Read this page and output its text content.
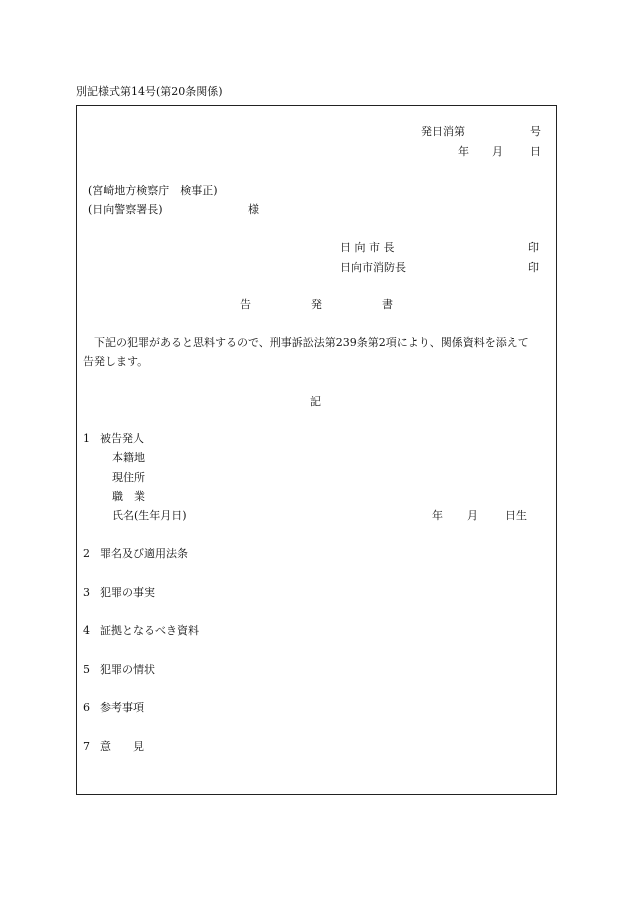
別記様式第14号(第20条関係)
発日消第	号
年 月 日
(宮崎地方検察庁　検事正)
(日向警察署長)	様
日 向 市 長	印
日向市消防長	印
告	発	書
下記の犯罪があると思料するので、刑事訴訟法第239条第2項により、関係資料を添えて
告発します。
記
1 被告発人
本籍地
現住所
職　業
氏名(生年月日)	年 月 日生
2 罪名及び適用法条
3 犯罪の事実
4 証拠となるべき資料
5 犯罪の情状
6 参考事項
7 意　　見
